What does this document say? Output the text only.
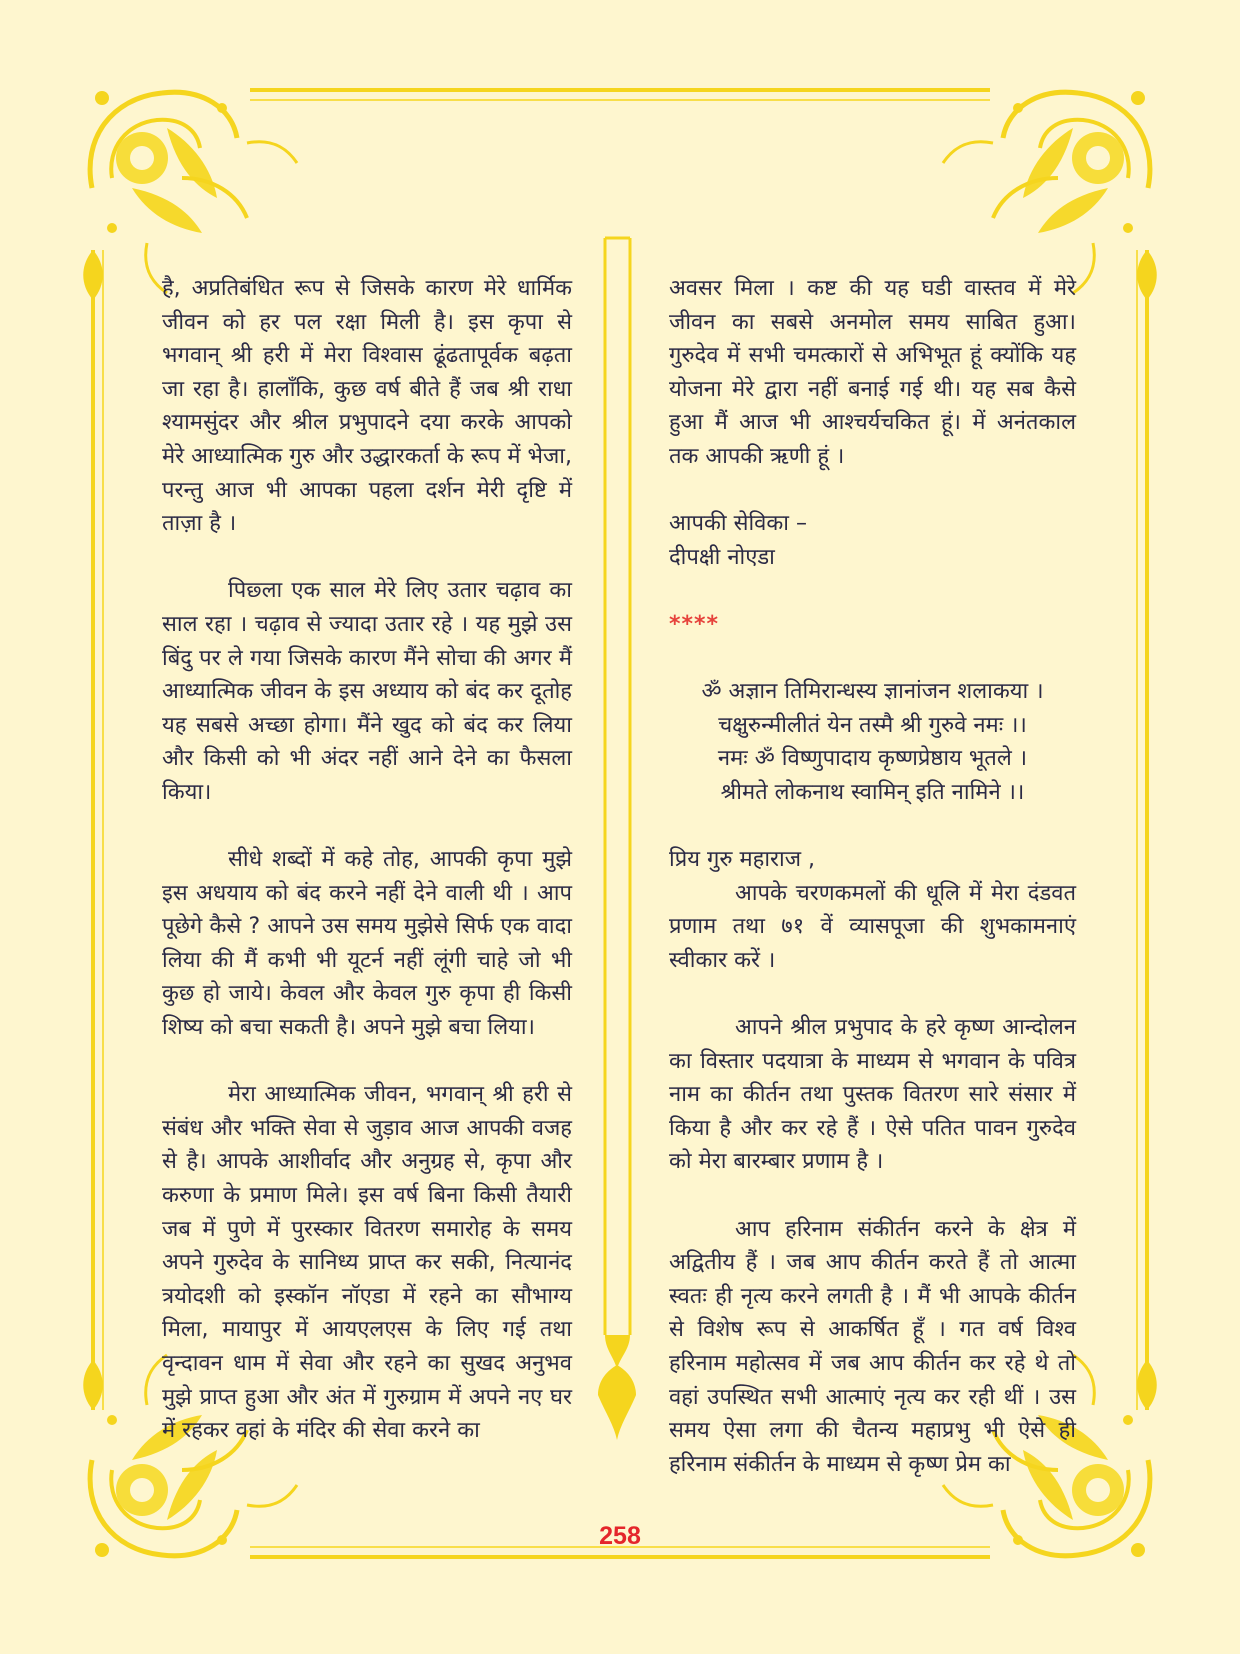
है, अप्रतिबंधित रूप से जिसके कारण मेरे धार्मिक जीवन को हर पल रक्षा मिली है। इस कृपा से भगवान् श्री हरी में मेरा विश्वास ढूंढतापूर्वक बढ़ता जा रहा है। हालाँकि, कुछ वर्ष बीते हैं जब श्री राधा श्यामसुंदर और श्रील प्रभुपादने दया करके आपको मेरे आध्यात्मिक गुरु और उद्धारकर्ता के रूप में भेजा, परन्तु आज भी आपका पहला दर्शन मेरी दृष्टि में ताज़ा है ।

पिछ्ला एक साल मेरे लिए उतार चढ़ाव का साल रहा । चढ़ाव से ज्यादा उतार रहे । यह मुझे उस बिंदु पर ले गया जिसके कारण मैंने सोचा की अगर मैं आध्यात्मिक जीवन के इस अध्याय को बंद कर दूतोह यह सबसे अच्छा होगा। मैंने खुद को बंद कर लिया और किसी को भी अंदर नहीं आने देने का फैसला किया।

सीधे शब्दों में कहे तोह, आपकी कृपा मुझे इस अधयाय को बंद करने नहीं देने वाली थी । आप पूछेगे कैसे ? आपने उस समय मुझेसे सिर्फ एक वादा लिया की मैं कभी भी यूटर्न नहीं लूंगी चाहे जो भी कुछ हो जाये। केवल और केवल गुरु कृपा ही किसी शिष्य को बचा सकती है। अपने मुझे बचा लिया।

मेरा आध्यात्मिक जीवन, भगवान् श्री हरी से संबंध और भक्ति सेवा से जुड़ाव आज आपकी वजह से है। आपके आशीर्वाद और अनुग्रह से, कृपा और करुणा के प्रमाण मिले। इस वर्ष बिना किसी तैयारी जब में पुणे में पुरस्कार वितरण समारोह के समय अपने गुरुदेव के सानिध्य प्राप्त कर सकी, नित्यानंद त्रयोदशी को इस्कॉन नॉएडा में रहने का सौभाग्य मिला, मायापुर में आयएलएस के लिए गई तथा वृन्दावन धाम में सेवा और रहने का सुखद अनुभव मुझे प्राप्त हुआ और अंत में गुरुग्राम में अपने नए घर में रहकर वहां के मंदिर की सेवा करने का

अवसर मिला । कष्ट की यह घडी वास्तव में मेरे जीवन का सबसे अनमोल समय साबित हुआ। गुरुदेव में सभी चमत्कारों से अभिभूत हूं क्योंकि यह योजना मेरे द्वारा नहीं बनाई गई थी। यह सब कैसे हुआ मैं आज भी आश्चर्यचकित हूं। में अनंतकाल तक आपकी ऋणी हूं ।

आपकी सेविका –

दीपक्षी नोएडा

****

ॐ अज्ञान तिमिरान्धस्य ज्ञानांजन शलाकया ।

चक्षुरुन्मीलीतं येन तस्मै श्री गुरुवे नमः ।।

नमः ॐ विष्णुपादाय कृष्णप्रेष्ठाय भूतले ।

श्रीमते लोकनाथ स्वामिन् इति नामिने ।।

प्रिय गुरु महाराज ,

आपके चरणकमलों की धूलि में मेरा दंडवत प्रणाम तथा ७१ वें व्यासपूजा की शुभकामनाएं स्वीकार करें ।

आपने श्रील प्रभुपाद के हरे कृष्ण आन्दोलन का विस्तार पदयात्रा के माध्यम से भगवान के पवित्र नाम का कीर्तन तथा पुस्तक वितरण सारे संसार में किया है और कर रहे हैं । ऐसे पतित पावन गुरुदेव को मेरा बारम्बार प्रणाम है ।

आप हरिनाम संकीर्तन करने के क्षेत्र में अद्वितीय हैं । जब आप कीर्तन करते हैं तो आत्मा स्वतः ही नृत्य करने लगती है । मैं भी आपके कीर्तन से विशेष रूप से आकर्षित हूँ । गत वर्ष विश्व हरिनाम महोत्सव में जब आप कीर्तन कर रहे थे तो वहां उपस्थित सभी आत्माएं नृत्य कर रही थीं । उस समय ऐसा लगा की चैतन्य महाप्रभु भी ऐसे ही हरिनाम संकीर्तन के माध्यम से कृष्ण प्रेम का

258
